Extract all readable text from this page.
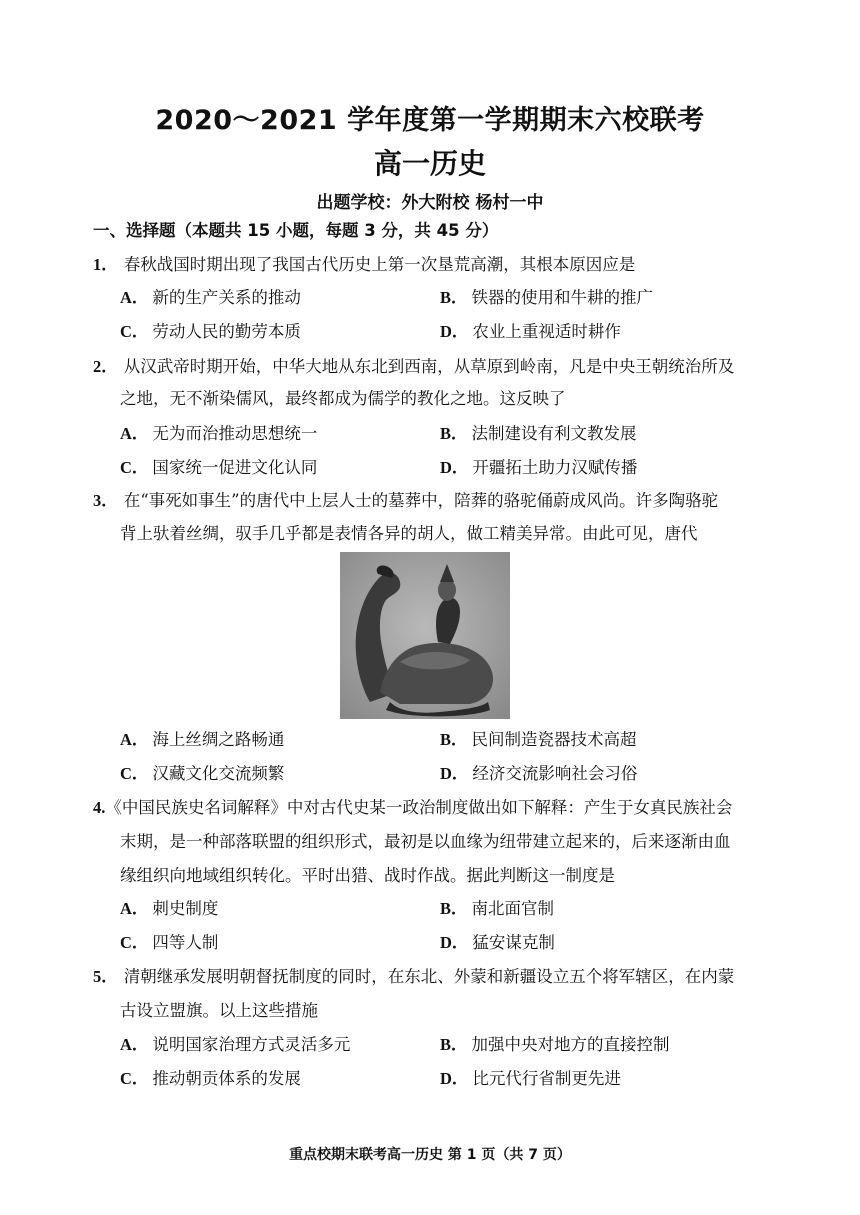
2020～2021 学年度第一学期期末六校联考
高一历史
出题学校：外大附校 杨村一中
一、选择题（本题共 15 小题，每题 3 分，共 45 分）
1． 春秋战国时期出现了我国古代历史上第一次垦荒高潮，其根本原因应是
A． 新的生产关系的推动	B． 铁器的使用和牛耕的推广
C． 劳动人民的勤劳本质	D． 农业上重视适时耕作
2． 从汉武帝时期开始，中华大地从东北到西南，从草原到岭南，凡是中央王朝统治所及
之地，无不渐染儒风，最终都成为儒学的教化之地。这反映了
A． 无为而治推动思想统一	B． 法制建设有利文教发展
C． 国家统一促进文化认同	D． 开疆拓土助力汉赋传播
3． 在“事死如事生”的唐代中上层人士的墓葬中，陪葬的骆驼俑蔚成风尚。许多陶骆驼
背上驮着丝绸，驭手几乎都是表情各异的胡人，做工精美异常。由此可见，唐代
A． 海上丝绸之路畅通	B． 民间制造瓷器技术高超
C． 汉藏文化交流频繁	D． 经济交流影响社会习俗
4.《中国民族史名词解释》中对古代史某一政治制度做出如下解释：产生于女真民族社会
末期，是一种部落联盟的组织形式，最初是以血缘为纽带建立起来的，后来逐渐由血
缘组织向地域组织转化。平时出猎、战时作战。据此判断这一制度是
A． 刺史制度	B． 南北面官制
C． 四等人制	D． 猛安谋克制
5． 清朝继承发展明朝督抚制度的同时，在东北、外蒙和新疆设立五个将军辖区，在内蒙
古设立盟旗。以上这些措施
A． 说明国家治理方式灵活多元	B． 加强中央对地方的直接控制
C． 推动朝贡体系的发展	D． 比元代行省制更先进
重点校期末联考高一历史 第 1 页（共 7 页）
